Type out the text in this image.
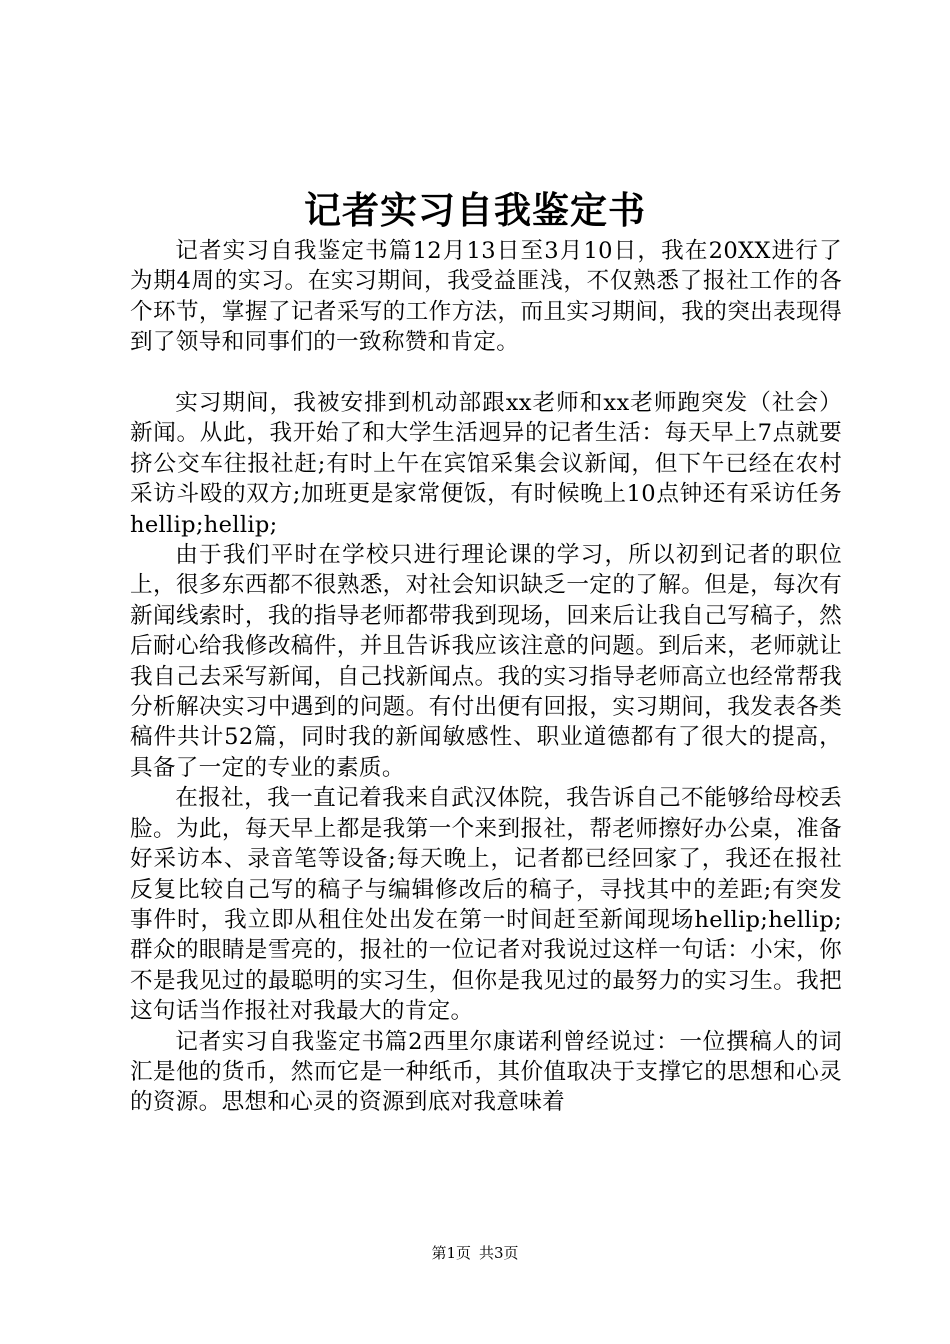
记者实习自我鉴定书

记者实习自我鉴定书篇12月13日至3月10日，我在20XX进行了为期4周的实习。在实习期间，我受益匪浅，不仅熟悉了报社工作的各个环节，掌握了记者采写的工作方法，而且实习期间，我的突出表现得到了领导和同事们的一致称赞和肯定。

实习期间，我被安排到机动部跟xx老师和xx老师跑突发（社会）新闻。从此，我开始了和大学生活迥异的记者生活：每天早上7点就要挤公交车往报社赶;有时上午在宾馆采集会议新闻，但下午已经在农村采访斗殴的双方;加班更是家常便饭，有时候晚上10点钟还有采访任务hellip;hellip;

由于我们平时在学校只进行理论课的学习，所以初到记者的职位上，很多东西都不很熟悉，对社会知识缺乏一定的了解。但是，每次有新闻线索时，我的指导老师都带我到现场，回来后让我自己写稿子，然后耐心给我修改稿件，并且告诉我应该注意的问题。到后来，老师就让我自己去采写新闻，自己找新闻点。我的实习指导老师高立也经常帮我分析解决实习中遇到的问题。有付出便有回报，实习期间，我发表各类稿件共计52篇，同时我的新闻敏感性、职业道德都有了很大的提高，具备了一定的专业的素质。

在报社，我一直记着我来自武汉体院，我告诉自己不能够给母校丢脸。为此，每天早上都是我第一个来到报社，帮老师擦好办公桌，准备好采访本、录音笔等设备;每天晚上，记者都已经回家了，我还在报社反复比较自己写的稿子与编辑修改后的稿子，寻找其中的差距;有突发事件时，我立即从租住处出发在第一时间赶至新闻现场hellip;hellip;群众的眼睛是雪亮的，报社的一位记者对我说过这样一句话：小宋，你不是我见过的最聪明的实习生，但你是我见过的最努力的实习生。我把这句话当作报社对我最大的肯定。

记者实习自我鉴定书篇2西里尔康诺利曾经说过：一位撰稿人的词汇是他的货币，然而它是一种纸币，其价值取决于支撑它的思想和心灵的资源。思想和心灵的资源到底对我意味着

第1页 共3页
